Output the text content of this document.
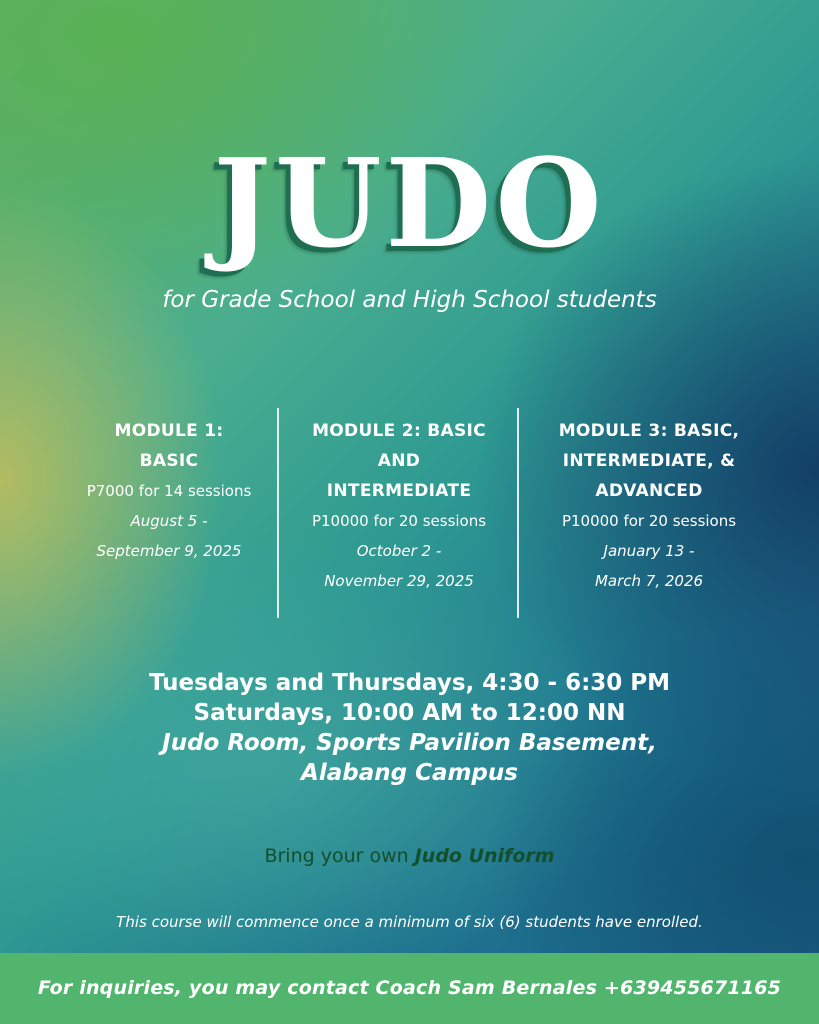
JUDO
for Grade School and High School students

MODULE 1:

BASIC

P7000 for 14 sessions

August 5 -

September 9, 2025

MODULE 2: BASIC

AND

INTERMEDIATE

P10000 for 20 sessions

October 2 -

November 29, 2025

MODULE 3: BASIC,

INTERMEDIATE, &

ADVANCED

P10000 for 20 sessions

January 13 -

March 7, 2026

Tuesdays and Thursdays, 4:30 - 6:30 PM
Saturdays, 10:00 AM to 12:00 NN
Judo Room, Sports Pavilion Basement,
Alabang Campus
Bring your own Judo Uniform
This course will commence once a minimum of six (6) students have enrolled.
For inquiries, you may contact Coach Sam Bernales +639455671165
